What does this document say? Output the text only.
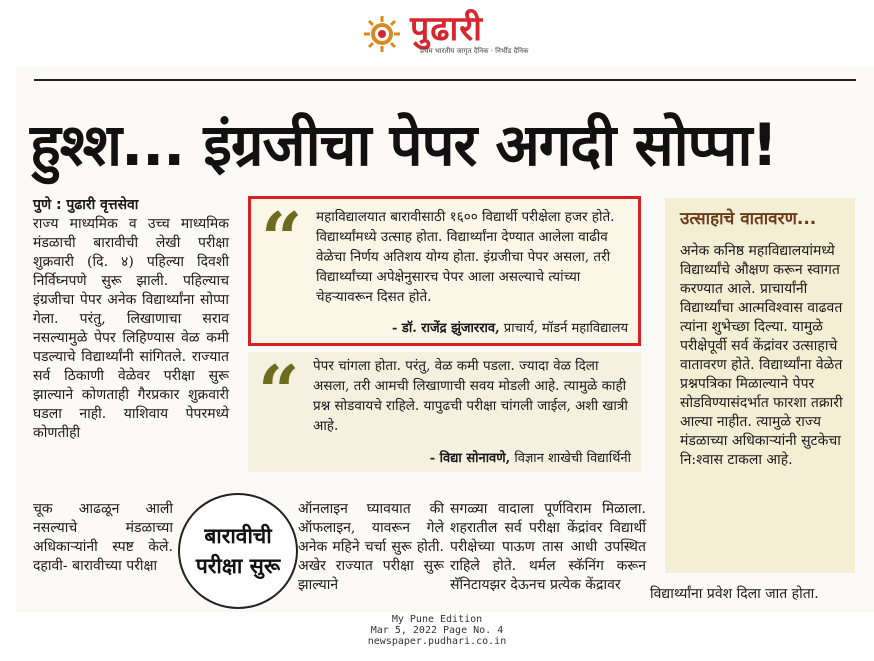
पुढारी
प्रथम भारतीय जागृत दैनिक · निर्भीड दैनिक
हुश्श... इंग्रजीचा पेपर अगदी सोप्पा!
पुणे : पुढारी वृत्तसेवा
राज्य माध्यमिक व उच्च माध्यमिक मंडळाची बारावीची लेखी परीक्षा शुक्रवारी (दि. ४) पहिल्या दिवशी निर्विघ्नपणे सुरू झाली. पहिल्याच इंग्रजीचा पेपर अनेक विद्यार्थ्यांना सोप्पा गेला. परंतु, लिखाणाचा सराव नसल्यामुळे पेपर लिहिण्यास वेळ कमी पडल्याचे विद्यार्थ्यांनी सांगितले. राज्यात सर्व ठिकाणी वेळेवर परीक्षा सुरू झाल्याने कोणताही गैरप्रकार शुक्रवारी घडला नाही. याशिवाय पेपरमध्ये कोणतीही
“ महाविद्यालयात बारावीसाठी १६०० विद्यार्थी परीक्षेला हजर होते. विद्यार्थ्यांमध्ये उत्साह होता. विद्यार्थ्यांना देण्यात आलेला वाढीव वेळेचा निर्णय अतिशय योग्य होता. इंग्रजीचा पेपर असला, तरी विद्यार्थ्यांच्या अपेक्षेनुसारच पेपर आला असल्याचे त्यांच्या चेहऱ्यावरून दिसत होते.
- डॉ. राजेंद्र झुंजारराव, प्राचार्य, मॉडर्न महाविद्यालय
“ पेपर चांगला होता. परंतु, वेळ कमी पडला. ज्यादा वेळ दिला असला, तरी आमची लिखाणाची सवय मोडली आहे. त्यामुळे काही प्रश्न सोडवायचे राहिले. यापुढची परीक्षा चांगली जाईल, अशी खात्री आहे.
- विद्या सोनावणे, विज्ञान शाखेची विद्यार्थिनी
उत्साहाचे वातावरण...
अनेक कनिष्ठ महाविद्यालयांमध्ये विद्यार्थ्यांचे औक्षण करून स्वागत करण्यात आले. प्राचार्यांनी विद्यार्थ्यांचा आत्मविश्वास वाढवत त्यांना शुभेच्छा दिल्या. यामुळे परीक्षेपूर्वी सर्व केंद्रांवर उत्साहाचे वातावरण होते. विद्यार्थ्यांना वेळेत प्रश्नपत्रिका मिळाल्याने पेपर सोडविण्यासंदर्भात फारशा तक्रारी आल्या नाहीत. त्यामुळे राज्य मंडळाच्या अधिकाऱ्यांनी सुटकेचा नि:श्वास टाकला आहे.
चूक आढळून आली नसल्याचे मंडळाच्या अधिकाऱ्यांनी स्पष्ट केले. दहावी- बारावीच्या परीक्षा
बारावीची परीक्षा सुरू
ऑनलाइन घ्यावयात की ऑफलाइन, यावरून गेले अनेक महिने चर्चा सुरू होती. अखेर राज्यात परीक्षा सुरू झाल्याने
सगळ्या वादाला पूर्णविराम मिळाला. शहरातील सर्व परीक्षा केंद्रांवर विद्यार्थी परीक्षेच्या पाऊण तास आधी उपस्थित राहिले होते. थर्मल स्कॅनिंग करून सॅनिटायझर देऊनच प्रत्येक केंद्रावर
विद्यार्थ्यांना प्रवेश दिला जात होता.
My Pune Edition
Mar 5, 2022 Page No. 4
newspaper.pudhari.co.in
